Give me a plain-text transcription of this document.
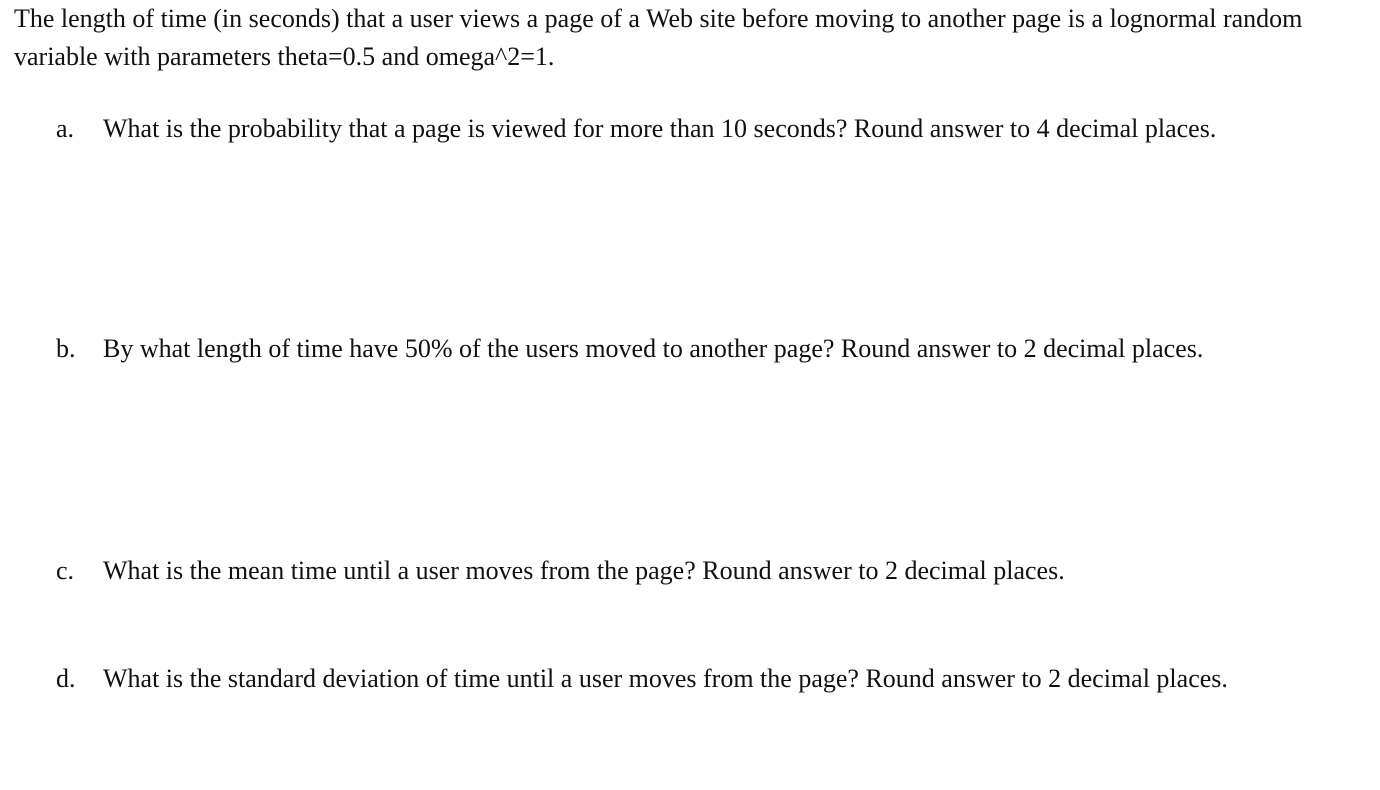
The length of time (in seconds) that a user views a page of a Web site before moving to another page is a lognormal random variable with parameters theta=0.5 and omega^2=1.

a.	What is the probability that a page is viewed for more than 10 seconds? Round answer to 4 decimal places.
b.	By what length of time have 50% of the users moved to another page? Round answer to 2 decimal places.
c.	What is the mean time until a user moves from the page? Round answer to 2 decimal places.
d.	What is the standard deviation of time until a user moves from the page? Round answer to 2 decimal places.
